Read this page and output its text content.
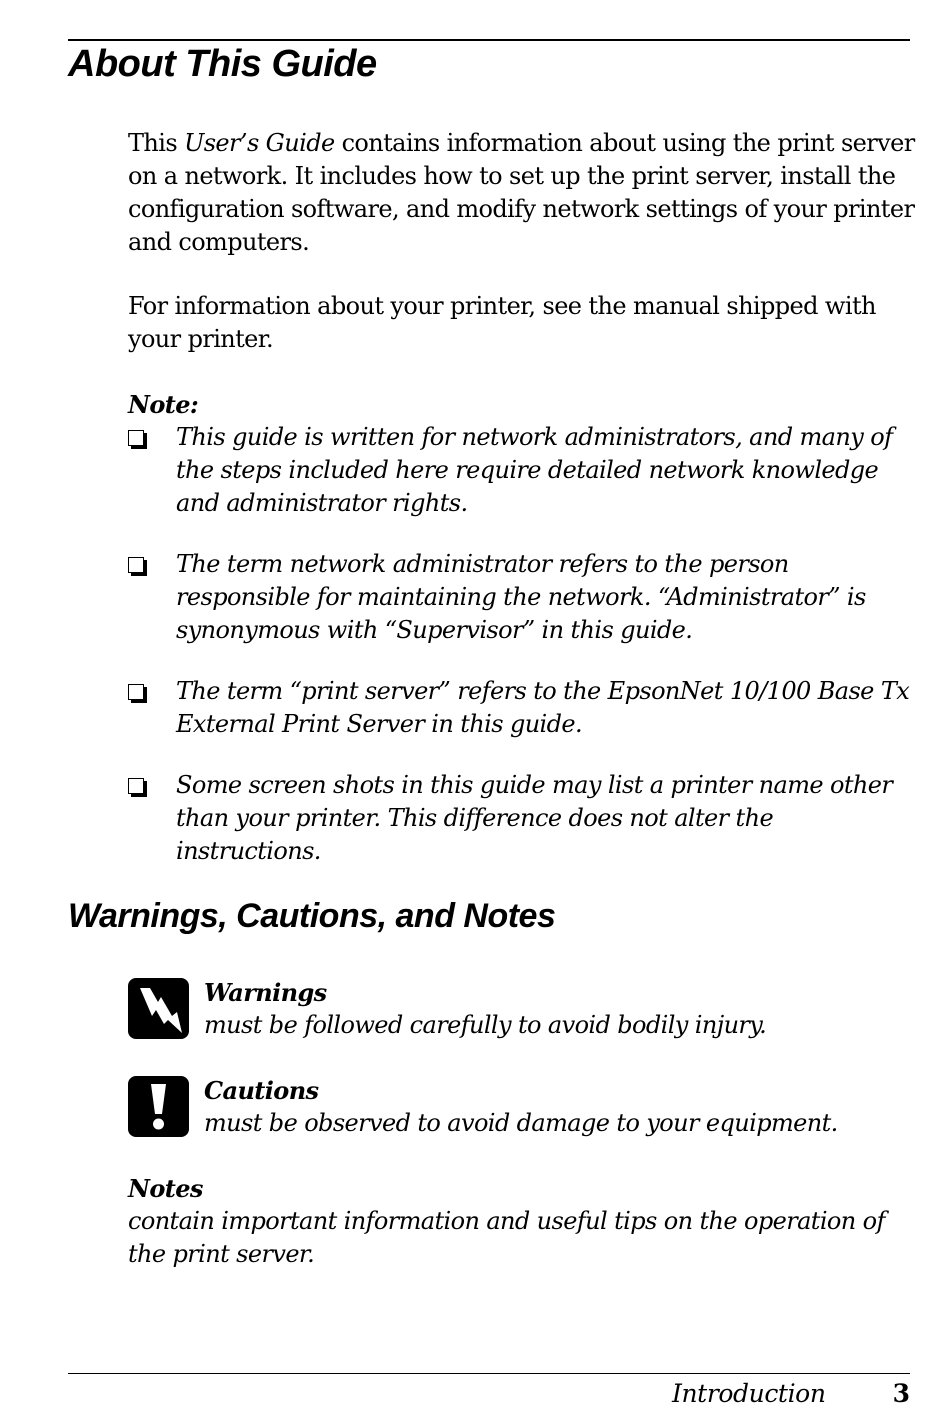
About This Guide

This User’s Guide contains information about using the print server on a network. It includes how to set up the print server, install the configuration software, and modify network settings of your printer and computers.

For information about your printer, see the manual shipped with your printer.

Note:
This guide is written for network administrators, and many of the steps included here require detailed network knowledge and administrator rights.
The term network administrator refers to the person responsible for maintaining the network. “Administrator” is synonymous with “Supervisor” in this guide.
The term “print server” refers to the EpsonNet 10/100 Base Tx External Print Server in this guide.
Some screen shots in this guide may list a printer name other than your printer. This difference does not alter the instructions.
Warnings, Cautions, and Notes
Warnings
must be followed carefully to avoid bodily injury.
Cautions
must be observed to avoid damage to your equipment.
Notes
contain important information and useful tips on the operation of the print server.
Introduction	3
